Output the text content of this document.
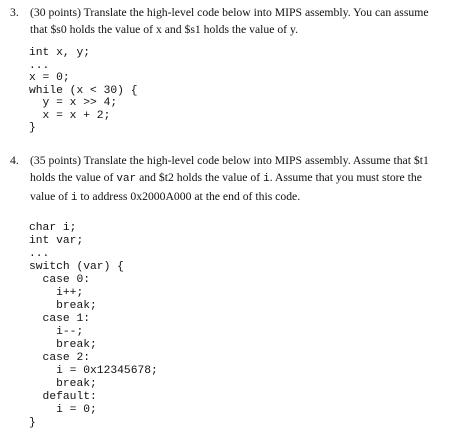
3. (30 points) Translate the high-level code below into MIPS assembly. You can assume

that $s0 holds the value of x and $s1 holds the value of y.

int x, y;
...
x = 0;
while (x < 30) {
y = x >> 4;
x = x + 2;
}

4. (35 points) Translate the high-level code below into MIPS assembly. Assume that $t1

holds the value of var and $t2 holds the value of i. Assume that you must store the

value of i to address 0x2000A000 at the end of this code.

char i;
int var;
...
switch (var) {
case 0:
i++;
break;
case 1:
i--;
break;
case 2:
i = 0x12345678;
break;
default:
i = 0;
}
